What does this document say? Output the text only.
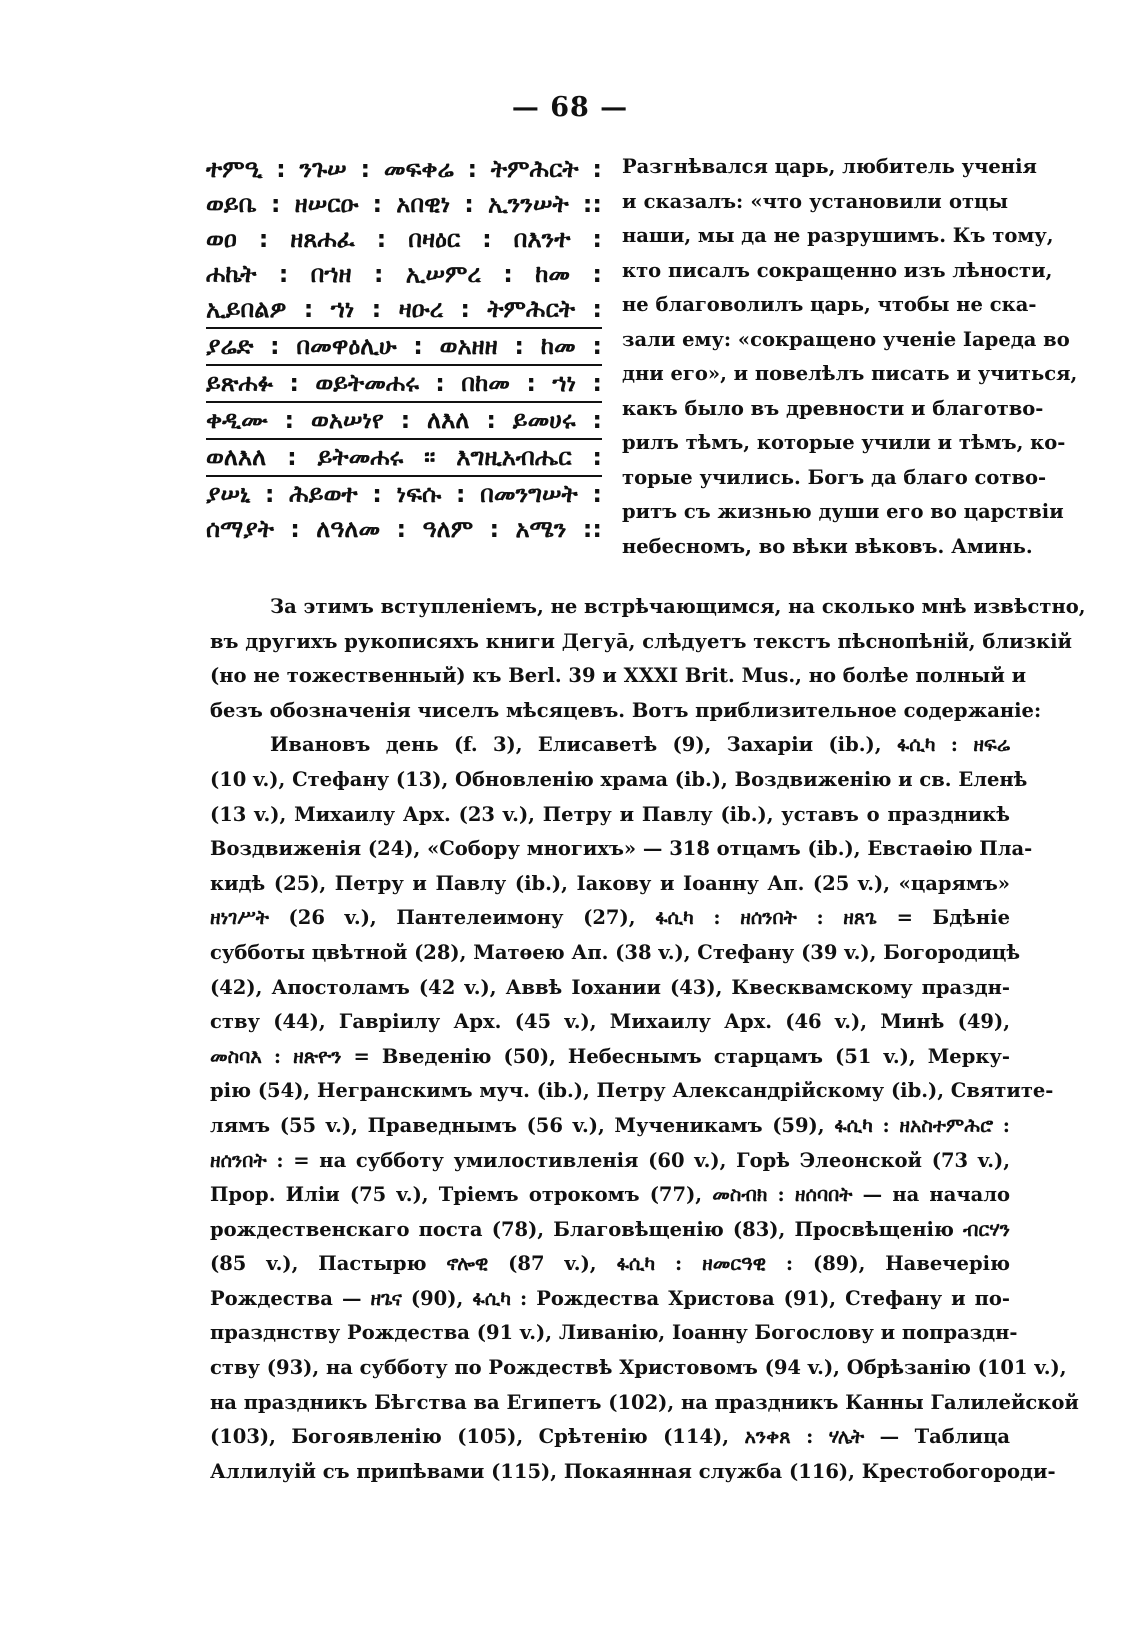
— 68 —
ተምዒ : ንጉሠ : መፍቀሬ : ትምሕርት :
ወይቤ : ዘሠርዑ : አበዊነ : ኢንንሠት ::
ወዐ : ዘጸሐፈ : በዛዕር : በእንተ :
ሐኬት : በኀዘ : ኢሠምረ : ከመ :
ኢይበልዎ : ኀነ : ዛዑረ : ትምሕርት :
ያሬድ : በመዋዕሊሁ : ወአዘዘ : ከመ :
ይጽሐፉ : ወይትመሐሩ : በከመ : ኀነ :
ቀዲሙ : ወአሠነየ : ለእለ : ይመሀሩ :
ወለእለ : ይትመሐሩ ። እግዚአብሔር :
ያሠኒ : ሕይወተ : ነፍሱ : በመንግሠት :
ሰማያት : ለዓለመ : ዓለም : አሜን ::
Разгнѣвался царь, любитель ученія
и сказалъ: «что установили отцы
наши, мы да не разрушимъ. Къ тому,
кто писалъ сокращенно изъ лѣности,
не благоволилъ царь, чтобы не ска-
зали ему: «сокращено ученіе Іареда во
дни его», и повелѣлъ писать и учиться,
какъ было въ древности и благотво-
рилъ тѣмъ, которые учили и тѣмъ, ко-
торые учились. Богъ да благо сотво-
ритъ съ жизнью души его во царствіи
небесномъ, во вѣки вѣковъ. Аминь.
За этимъ вступленіемъ, не встрѣчающимся, на сколько мнѣ извѣстно,
въ другихъ рукописяхъ книги Дегуā, слѣдуетъ текстъ пѣснопѣній, близкій
(но не тожественный) къ Berl. 39 и XXXI Brit. Mus., но болѣе полный и
безъ обозначенія чиселъ мѣсяцевъ. Вотъ приблизительное содержаніе:
Ивановъ день (f. 3), Елисаветѣ (9), Захаріи (ib.), ፋሲካ : ዘፍሬ
(10 v.), Стефану (13), Обновленію храма (ib.), Воздвиженію и св. Еленѣ
(13 v.), Михаилу Арх. (23 v.), Петру и Павлу (ib.), уставъ о праздникѣ
Воздвиженія (24), «Собору многихъ» — 318 отцамъ (ib.), Евстаѳію Пла-
кидѣ (25), Петру и Павлу (ib.), Іакову и Іоанну Ап. (25 v.), «царямъ»
ዘነገሥት (26 v.), Пантелеимону (27), ፋሲካ : ዘሰንበት : ዘጸጌ = Бдѣніе
субботы цвѣтной (28), Матѳею Ап. (38 v.), Стефану (39 v.), Богородицѣ
(42), Апостоламъ (42 v.), Аввѣ Іохании (43), Квесквамскому праздн-
ству (44), Гавріилу Арх. (45 v.), Михаилу Арх. (46 v.), Минѣ (49),
መስባእ : ዘጽዮን = Введенію (50), Небеснымъ старцамъ (51 v.), Мерку-
рію (54), Негранскимъ муч. (ib.), Петру Александрійскому (ib.), Святите-
лямъ (55 v.), Праведнымъ (56 v.), Мученикамъ (59), ፋሲካ : ዘአስተምሕሮ :
ዘሰንበት : = на субботу умилостивленія (60 v.), Горѣ Элеонской (73 v.),
Прор. Иліи (75 v.), Тріемъ отрокомъ (77), መስብክ : ዘሰባበት — на начало
рождественскаго поста (78), Благовѣщенію (83), Просвѣщенію ብርሃን
(85 v.), Пастырю ኖሎዊ (87 v.), ፋሲካ : ዘመርዓዊ : (89), Навечерію
Рождества — ዘጌና (90), ፋሲካ : Рождества Христова (91), Стефану и по-
празднству Рождества (91 v.), Ливанію, Іоанну Богослову и попраздн-
ству (93), на субботу по Рождествѣ Христовомъ (94 v.), Обрѣзанію (101 v.),
на праздникъ Бѣгства ва Египетъ (102), на праздникъ Канны Галилейской
(103), Богоявленію (105), Срѣтенію (114), አንቀጸ : ሃሌት — Таблица
Аллилуій съ припѣвами (115), Покаянная служба (116), Крестобогороди-
